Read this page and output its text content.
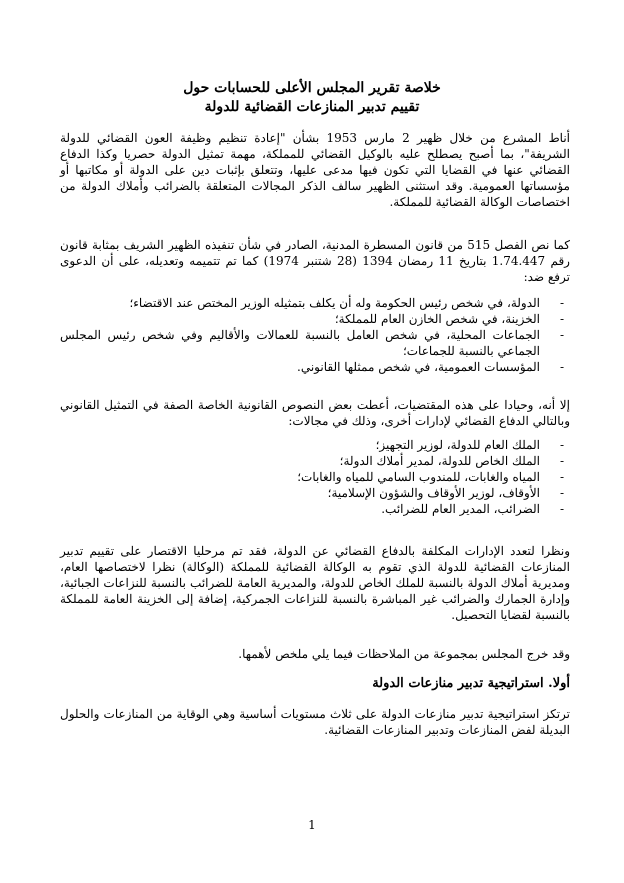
خلاصة تقرير المجلس الأعلى للحسابات حول
تقييم تدبير المنازعات القضائية للدولة
أناط المشرع من خلال ظهير 2 مارس 1953 بشأن "إعادة تنظيم وظيفة العون القضائي للدولة الشريفة"، بما أصبح يصطلح عليه بالوكيل القضائي للمملكة، مهمة تمثيل الدولة حصريا وكذا الدفاع القضائي عنها في القضايا التي تكون فيها مدعى عليها، وتتعلق بإثبات دين على الدولة أو مكاتبها أو مؤسساتها العمومية. وقد استثنى الظهير سالف الذكر المجالات المتعلقة بالضرائب وأملاك الدولة من اختصاصات الوكالة القضائية للمملكة.
كما نص الفصل 515 من قانون المسطرة المدنية، الصادر في شأن تنفيذه الظهير الشريف بمثابة قانون رقم 1.74.447 بتاريخ 11 رمضان 1394 (28 شتنبر 1974) كما تم تتميمه وتعديله، على أن الدعوى ترفع ضد:
- الدولة، في شخص رئيس الحكومة وله أن يكلف بتمثيله الوزير المختص عند الاقتضاء؛
- الخزينة، في شخص الخازن العام للمملكة؛
- الجماعات المحلية، في شخص العامل بالنسبة للعمالات والأقاليم وفي شخص رئيس المجلس الجماعي بالنسبة للجماعات؛
- المؤسسات العمومية، في شخص ممثلها القانوني.
إلا أنه، وحيادا على هذه المقتضيات، أعطت بعض النصوص القانونية الخاصة الصفة في التمثيل القانوني وبالتالي الدفاع القضائي لإدارات أخرى، وذلك في مجالات:
- الملك العام للدولة، لوزير التجهيز؛
- الملك الخاص للدولة، لمدير أملاك الدولة؛
- المياه والغابات، للمندوب السامي للمياه والغابات؛
- الأوقاف، لوزير الأوقاف والشؤون الإسلامية؛
- الضرائب، المدير العام للضرائب.
ونظرا لتعدد الإدارات المكلفة بالدفاع القضائي عن الدولة، فقد تم مرحليا الاقتصار على تقييم تدبير المنازعات القضائية للدولة الذي تقوم به الوكالة القضائية للمملكة (الوكالة) نظرا لاختصاصها العام، ومديرية أملاك الدولة بالنسبة للملك الخاص للدولة، والمديرية العامة للضرائب بالنسبة للنزاعات الجبائية، وإدارة الجمارك والضرائب غير المباشرة بالنسبة للنزاعات الجمركية، إضافة إلى الخزينة العامة للمملكة بالنسبة لقضايا التحصيل.
وقد خرج المجلس بمجموعة من الملاحظات فيما يلي ملخص لأهمها.
أولا. استراتيجية تدبير منازعات الدولة
ترتكز استراتيجية تدبير منازعات الدولة على ثلاث مستويات أساسية وهي الوقاية من المنازعات والحلول البديلة لفض المنازعات وتدبير المنازعات القضائية.
1
